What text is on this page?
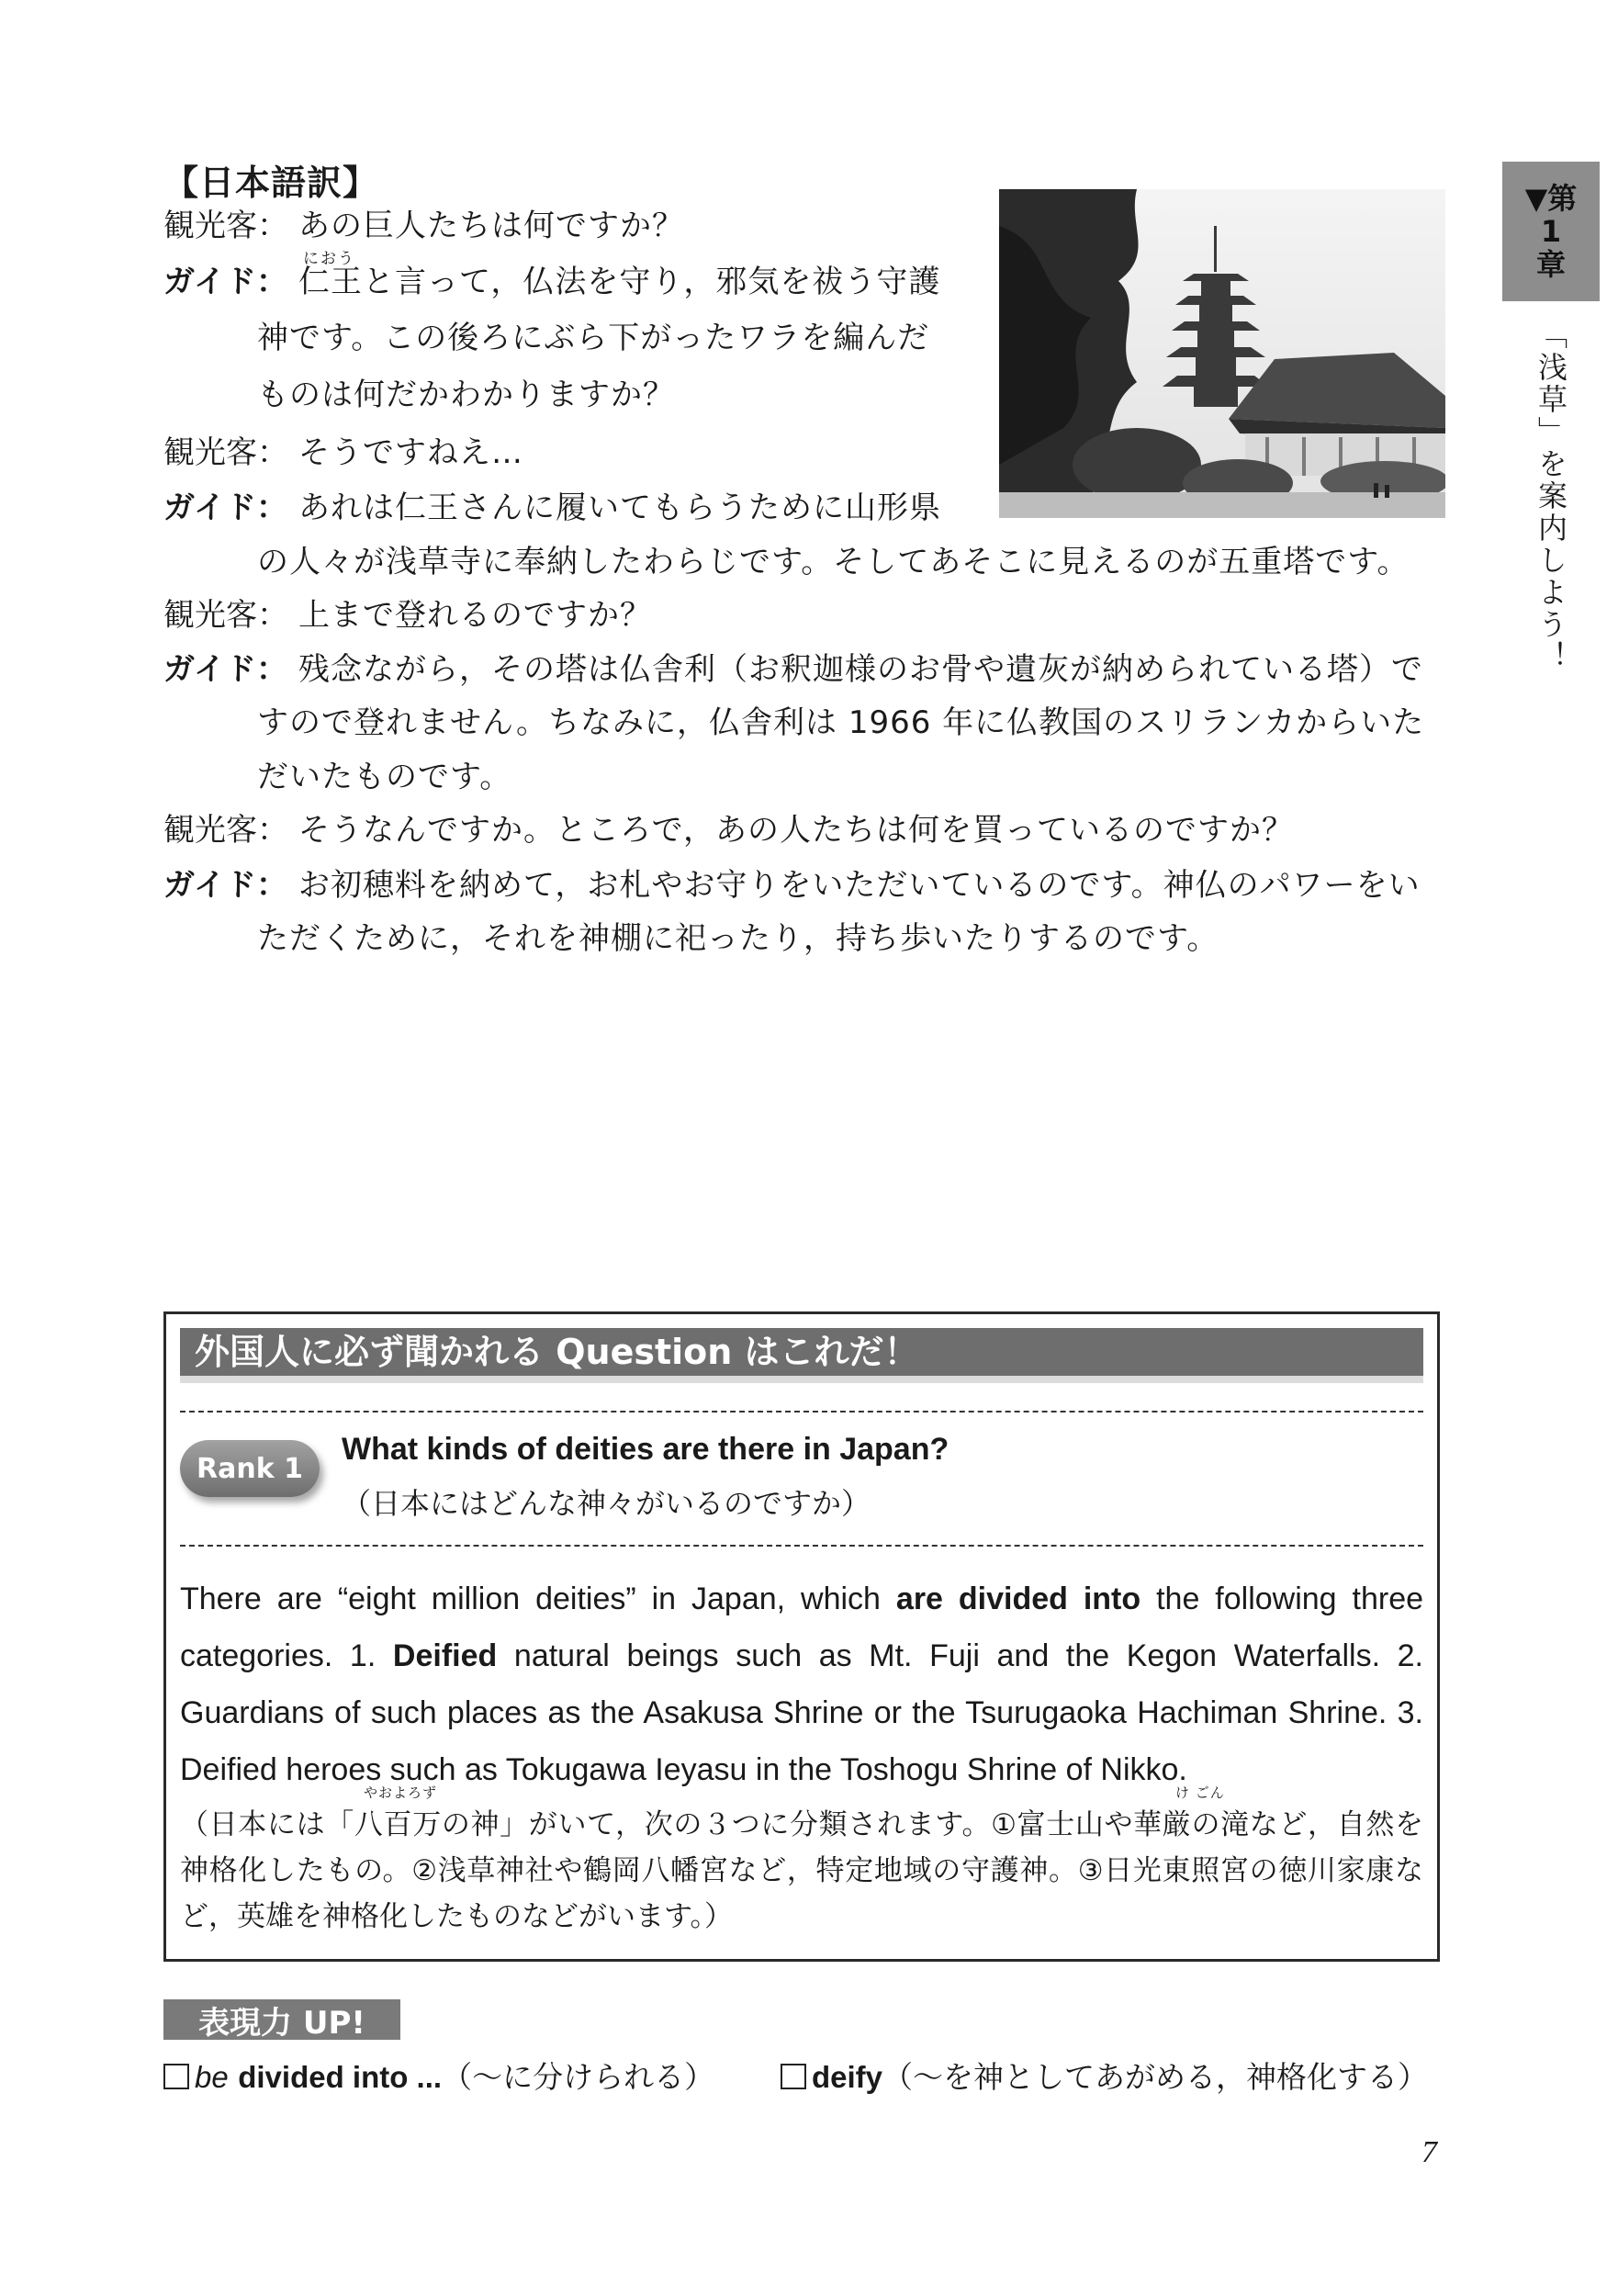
【日本語訳】
観光客：
ガイド：
観光客：
ガイド：
観光客：
ガイド：
観光客：
ガイド：
あの巨人たちは何ですか？
におう
仁王と言って，仏法を守り，邪気を祓う守護
神です。この後ろにぶら下がったワラを編んだ
ものは何だかわかりますか？
そうですねえ…
あれは仁王さんに履いてもらうために山形県
の人々が浅草寺に奉納したわらじです。そしてあそこに見えるのが五重塔です。
上まで登れるのですか？
残念ながら，その塔は仏舎利（お釈迦様のお骨や遺灰が納められている塔）で
すので登れません。ちなみに，仏舎利は 1966 年に仏教国のスリランカからいた
だいたものです。
そうなんですか。ところで，あの人たちは何を買っているのですか？
お初穂料を納めて，お札やお守りをいただいているのです。神仏のパワーをい
ただくために，それを神棚に祀ったり，持ち歩いたりするのです。
▼第
1
章
「浅草」を案内しよう！
外国人に必ず聞かれる Question はこれだ！
Rank 1
What kinds of deities are there in Japan?
（日本にはどんな神々がいるのですか）
There are “eight million deities” in Japan, which are divided into the following three categories. 1. Deified natural beings such as Mt. Fuji and the Kegon Waterfalls. 2. Guardians of such places as the Asakusa Shrine or the Tsurugaoka Hachiman Shrine. 3. Deified heroes such as Tokugawa Ieyasu in the Toshogu Shrine of Nikko.
やおよろず	け ごん
（日本には「八百万の神」がいて，次の３つに分類されます。①富士山や華厳の滝など，自然を神格化したもの。②浅草神社や鶴岡八幡宮など，特定地域の守護神。③日光東照宮の徳川家康など，英雄を神格化したものなどがいます。）
表現力 UP!
be divided into ...（〜に分けられる）	deify（〜を神としてあがめる，神格化する）
7
